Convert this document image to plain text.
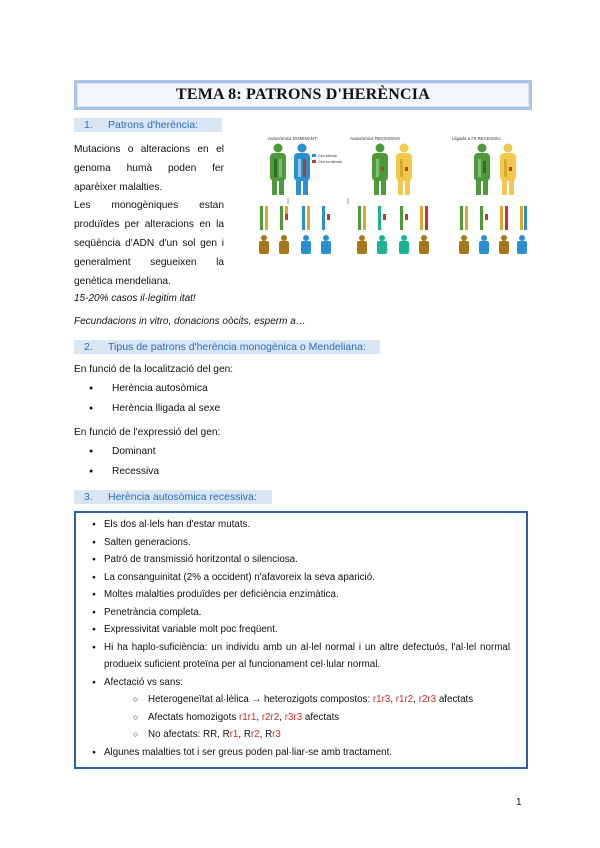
TEMA 8: PATRONS D'HERÈNCIA
1. Patrons d'herència:
Mutacions o alteracions en el genoma humà poden fer aparèixer malalties.
Les monogèniques estan produïdes per alteracions en la seqüència d'ADN d'un sol gen i generalment segueixen la genètica mendeliana.
15-20% casos il·legitim itat!
Fecundacions in vitro, donacions oòcits, esperm a…
Autosòmica DOMINANT	Autosòmica RECESSIVA	Lligada a l'X RECESSIU
Gen afectat
Gen no afectat
2. Tipus de patrons d'herència monogènica o Mendeliana:
En funció de la localització del gen:
● Herència autosòmica
● Herència lligada al sexe
En funció de l'expressió del gen:
● Dominant
● Recessiva
3. Herència autosòmica recessiva:
● Els dos al·lels han d'estar mutats.
● Salten generacions.
● Patró de transmissió horitzontal o silenciosa.
● La consanguinitat (2% a occident) n'afavoreix la seva aparició.
● Moltes malalties produïdes per deficiència enzimàtica.
● Penetrància completa.
● Expressivitat variable molt poc freqüent.
● Hi ha haplo-suficiència: un individu amb un al·lel normal i un altre defectuós, l'al·lel normal produeix suficient proteïna per al funcionament cel·lular normal.
● Afectació vs sans:
○ Heterogeneïtat al·lèlica → heterozigots compostos: r1r3, r1r2, r2r3 afectats
○ Afectats homozigots r1r1, r2r2, r3r3 afectats
○ No afectats: RR, Rr1, Rr2, Rr3
● Algunes malalties tot i ser greus poden pal·liar-se amb tractament.
1
